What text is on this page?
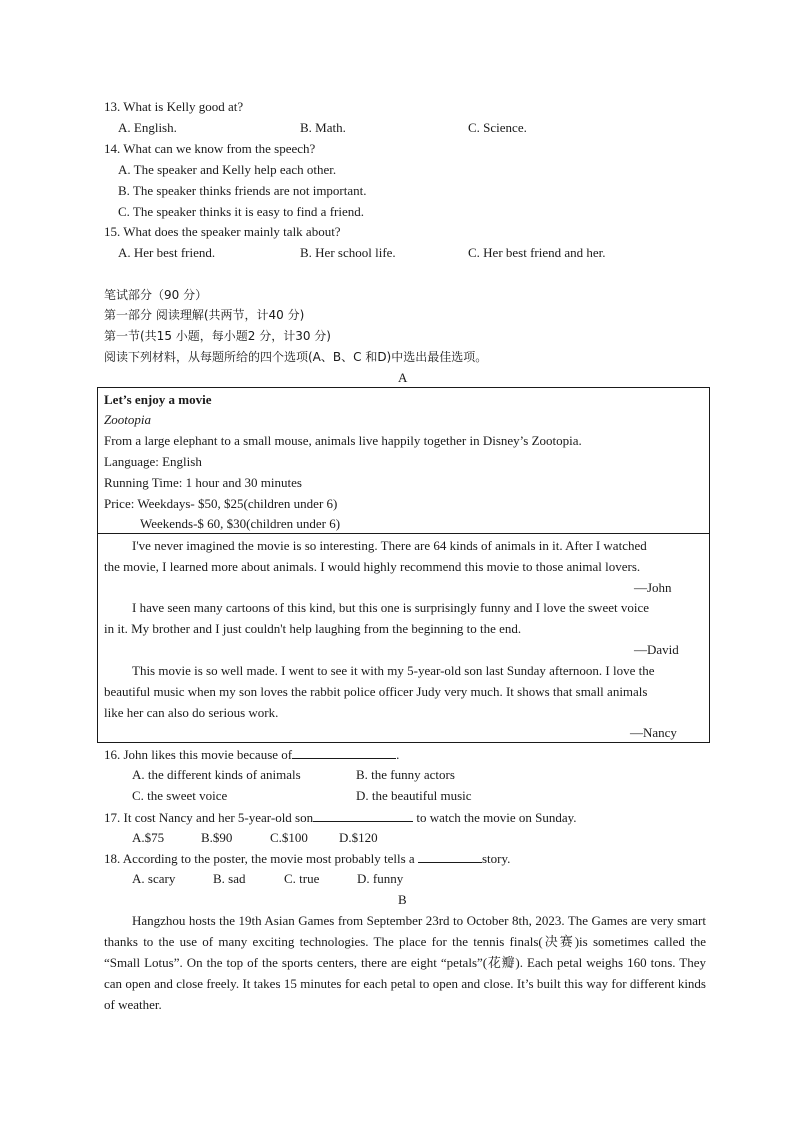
13. What is Kelly good at?
A. English.	B. Math.	C. Science.
14. What can we know from the speech?
A. The speaker and Kelly help each other.
B. The speaker thinks friends are not important.
C. The speaker thinks it is easy to find a friend.
15. What does the speaker mainly talk about?
A. Her best friend.	B. Her school life.	C. Her best friend and her.
笔试部分（90 分）
第一部分 阅读理解(共两节，计40 分)
第一节(共15 小题，每小题2 分，计30 分)
阅读下列材料，从每题所给的四个选项(A、B、C 和D)中选出最佳选项。
A
Let’s enjoy a movie
Zootopia
From a large elephant to a small mouse, animals live happily together in Disney’s Zootopia.
Language: English
Running Time: 1 hour and 30 minutes
Price: Weekdays- $50, $25(children under 6)
Weekends-$ 60, $30(children under 6)
I've never imagined the movie is so interesting. There are 64 kinds of animals in it. After I watched
the movie, I learned more about animals. I would highly recommend this movie to those animal lovers.
—John
I have seen many cartoons of this kind, but this one is surprisingly funny and I love the sweet voice
in it. My brother and I just couldn't help laughing from the beginning to the end.
—David
This movie is so well made. I went to see it with my 5-year-old son last Sunday afternoon. I love the
beautiful music when my son loves the rabbit police officer Judy very much. It shows that small animals
like her can also do serious work.
—Nancy
16. John likes this movie because of	.
A. the different kinds of animals	B. the funny actors
C. the sweet voice	D. the beautiful music
17. It cost Nancy and her 5-year-old son	to watch the movie on Sunday.
A.$75	B.$90	C.$100 D.$120
18. According to the poster, the movie most probably tells a	story.
A. scary	B. sad	C. true	D. funny
B
Hangzhou hosts the 19th Asian Games from September 23rd to October 8th, 2023. The Games are very smart thanks to the use of many exciting technologies. The place for the tennis finals(决赛)is sometimes called the “Small Lotus”. On the top of the sports centers, there are eight “petals”(花瓣). Each petal weighs 160 tons. They can open and close freely. It takes 15 minutes for each petal to open and close. It’s built this way for different kinds of weather.
